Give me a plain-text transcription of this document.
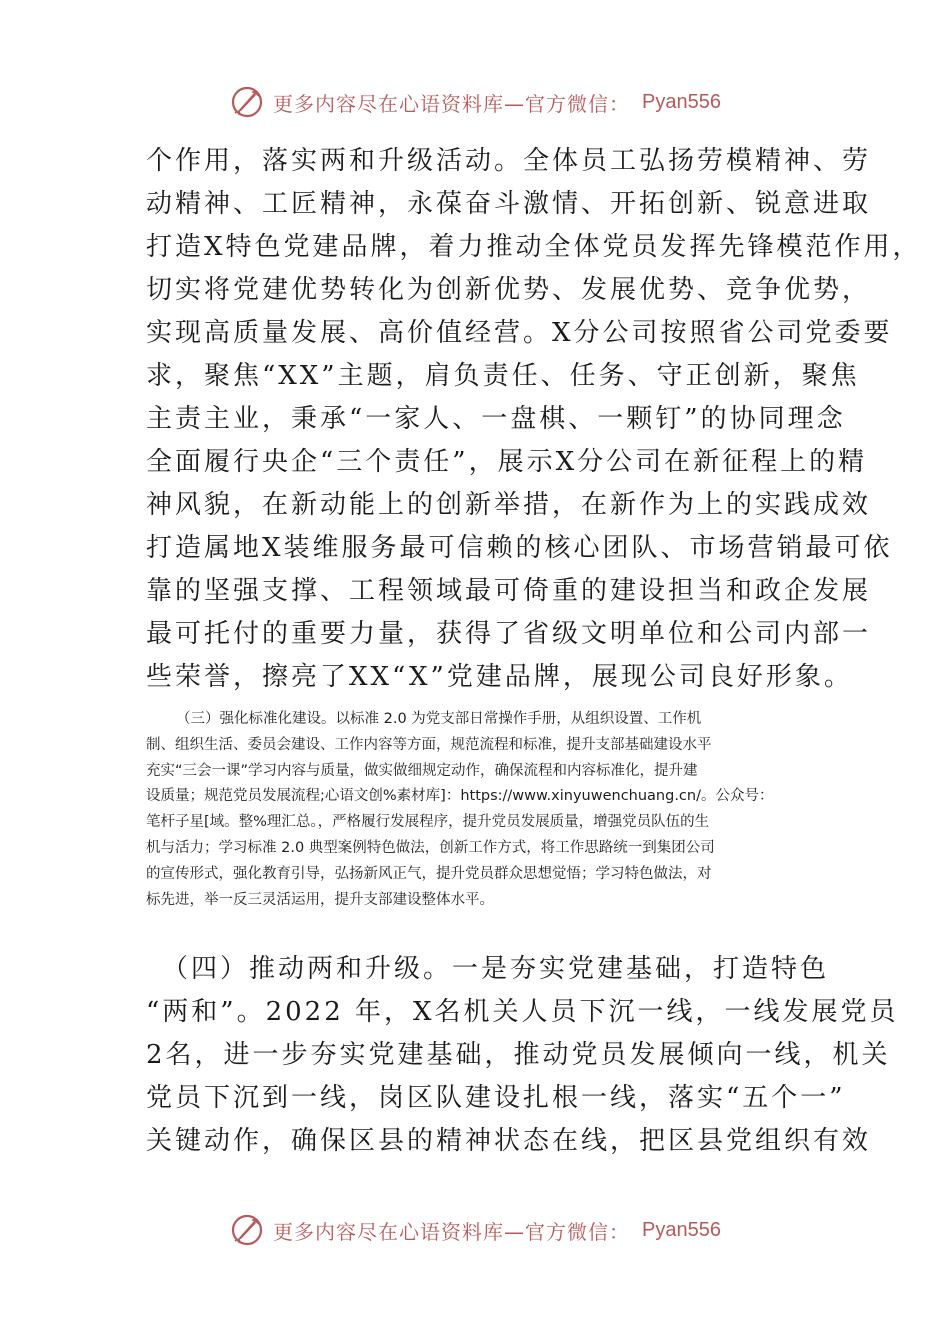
更多内容尽在心语资料库—官方微信： Pyan556
个作用，落实两和升级活动。全体员工弘扬劳模精神、劳
动精神、工匠精神，永葆奋斗激情、开拓创新、锐意进取
打造X特色党建品牌，着力推动全体党员发挥先锋模范作用，
切实将党建优势转化为创新优势、发展优势、竞争优势，
实现高质量发展、高价值经营。X分公司按照省公司党委要
求，聚焦“XX”主题，肩负责任、任务、守正创新，聚焦
主责主业，秉承“一家人、一盘棋、一颗钉”的协同理念
全面履行央企“三个责任”，展示X分公司在新征程上的精
神风貌，在新动能上的创新举措，在新作为上的实践成效
打造属地X装维服务最可信赖的核心团队、市场营销最可依
靠的坚强支撑、工程领域最可倚重的建设担当和政企发展
最可托付的重要力量，获得了省级文明单位和公司内部一
些荣誉，擦亮了XX“X”党建品牌，展现公司良好形象。
（三）强化标准化建设。以标准 2.0 为党支部日常操作手册，从组织设置、工作机
制、组织生活、委员会建设、工作内容等方面，规范流程和标准，提升支部基础建设水平
充实“三会一课”学习内容与质量，做实做细规定动作，确保流程和内容标准化，提升建
设质量；规范党员发展流程;心语文创%素材库]：https://www.xinyuwenchuang.cn/。公众号：
笔杆子星[域。整%理汇总。，严格履行发展程序，提升党员发展质量，增强党员队伍的生
机与活力；学习标准 2.0 典型案例特色做法，创新工作方式，将工作思路统一到集团公司
的宣传形式，强化教育引导，弘扬新风正气，提升党员群众思想觉悟；学习特色做法，对
标先进，举一反三灵活运用，提升支部建设整体水平。
　（四）推动两和升级。一是夯实党建基础，打造特色
“两和”。2022 年，X名机关人员下沉一线，一线发展党员
2名，进一步夯实党建基础，推动党员发展倾向一线，机关
党员下沉到一线，岗区队建设扎根一线，落实“五个一”
关键动作，确保区县的精神状态在线，把区县党组织有效
更多内容尽在心语资料库—官方微信： Pyan556
